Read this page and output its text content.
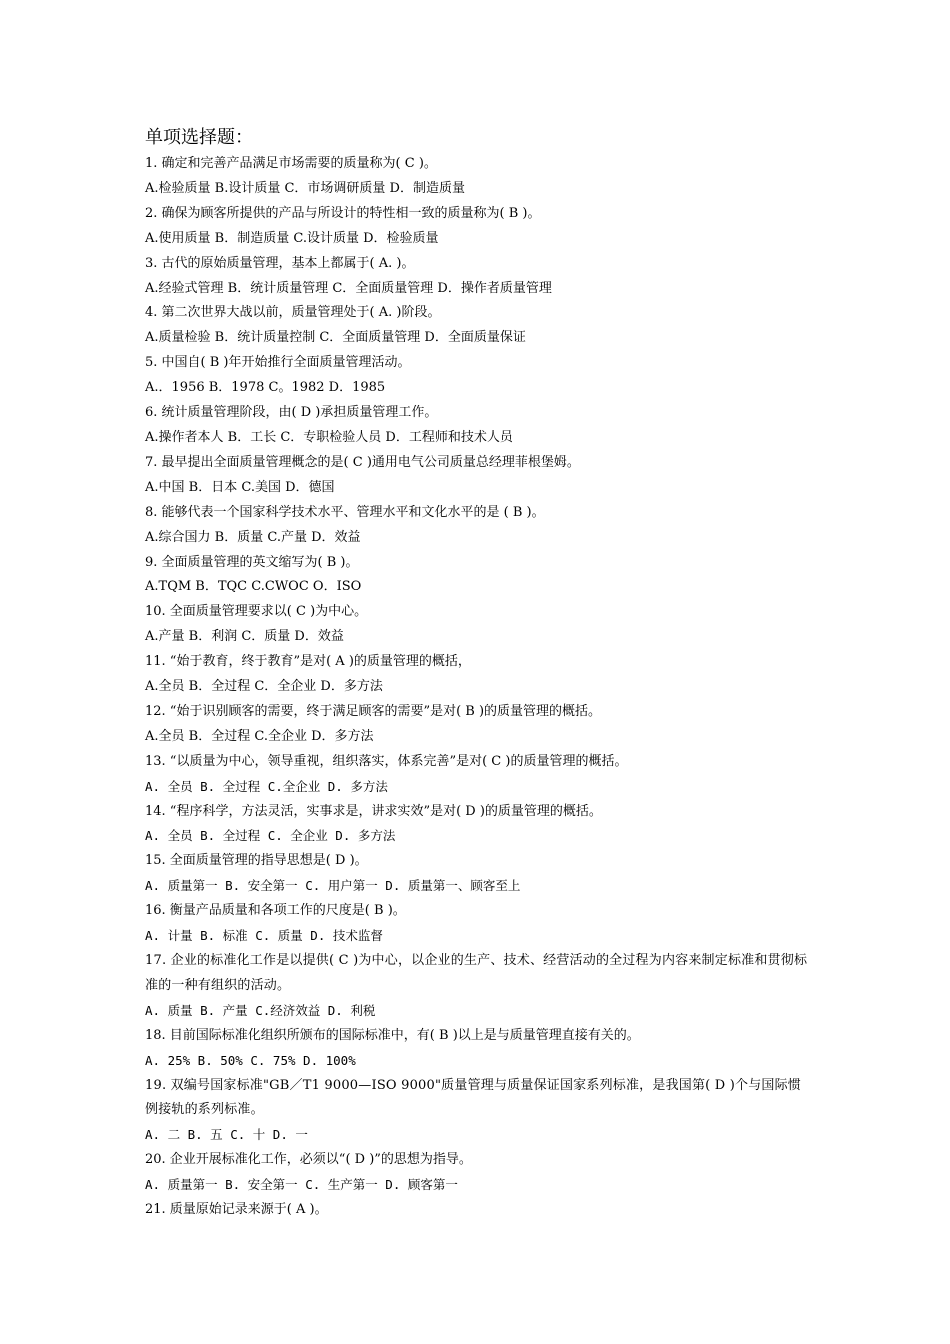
单项选择题：
1. 确定和完善产品满足市场需要的质量称为( C )。
A.检验质量 B.设计质量 C．市场调研质量 D．制造质量
2. 确保为顾客所提供的产品与所设计的特性相一致的质量称为( B )。
A.使用质量 B．制造质量 C.设计质量 D．检验质量
3. 古代的原始质量管理，基本上都属于( A. )。
A.经验式管理 B．统计质量管理 C．全面质量管理 D．操作者质量管理
4. 第二次世界大战以前，质量管理处于( A. )阶段。
A.质量检验 B．统计质量控制 C．全面质量管理 D．全面质量保证
5. 中国自( B )年开始推行全面质量管理活动。
A.．1956 B．1978 C。1982 D．1985
6. 统计质量管理阶段，由( D )承担质量管理工作。
A.操作者本人 B．工长 C．专职检验人员 D．工程师和技术人员
7. 最早提出全面质量管理概念的是( C )通用电气公司质量总经理菲根堡姆。
A.中国 B．日本 C.美国 D．德国
8. 能够代表一个国家科学技术水平、管理水平和文化水平的是 ( B )。
A.综合国力 B．质量 C.产量 D．效益
9. 全面质量管理的英文缩写为( B )。
A.TQM B．TQC C.CWOC O．ISO
10. 全面质量管理要求以( C )为中心。
A.产量 B．利润 C．质量 D．效益
11. “始于教育，终于教育”是对( A )的质量管理的概括，
A.全员 B．全过程 C．全企业 D．多方法
12. “始于识别顾客的需要，终于满足顾客的需要”是对( B )的质量管理的概括。
A.全员 B．全过程 C.全企业 D．多方法
13. “以质量为中心，领导重视，组织落实，体系完善”是对( C )的质量管理的概括。
A. 全员 B. 全过程 C.全企业 D. 多方法
14. “程序科学，方法灵活，实事求是，讲求实效”是对( D )的质量管理的概括。
A. 全员 B. 全过程 C. 全企业 D. 多方法
15. 全面质量管理的指导思想是( D )。
A. 质量第一 B. 安全第一 C. 用户第一 D. 质量第一、顾客至上
16. 衡量产品质量和各项工作的尺度是( B )。
A. 计量 B. 标准 C. 质量 D. 技术监督
17. 企业的标准化工作是以提供( C )为中心，以企业的生产、技术、经营活动的全过程为内容来制定标准和贯彻标准的一种有组织的活动。
A. 质量 B. 产量 C.经济效益 D. 利税
18. 目前国际标准化组织所颁布的国际标准中，有( B )以上是与质量管理直接有关的。
A. 25% B. 50% C. 75% D. 100%
19. 双编号国家标准"GB／T1 9000—ISO 9000"质量管理与质量保证国家系列标准，是我国第( D )个与国际惯例接轨的系列标准。
A. 二 B. 五 C. 十 D. 一
20. 企业开展标准化工作，必须以“( D )”的思想为指导。
A. 质量第一 B. 安全第一 C. 生产第一 D. 顾客第一
21. 质量原始记录来源于( A )。
